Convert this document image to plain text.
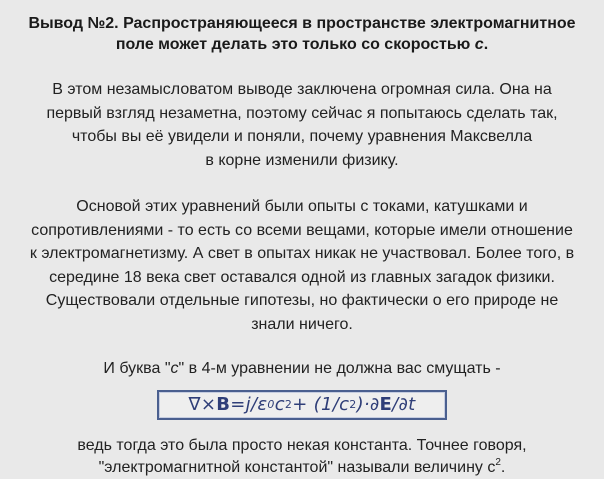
Вывод №2. Распространяющееся в пространстве электромагнитное
поле может делать это только со скоростью c.
В этом незамысловатом выводе заключена огромная сила. Она на
первый взгляд незаметна, поэтому сейчас я попытаюсь сделать так,
чтобы вы её увидели и поняли, почему уравнения Максвелла
в корне изменили физику.
Основой этих уравнений были опыты с токами, катушками и
сопротивлениями - то есть со всеми вещами, которые имели отношение
к электромагнетизму. А свет в опытах никак не участвовал. Более того, в
середине 18 века свет оставался одной из главных загадок физики.
Существовали отдельные гипотезы, но фактически о его природе не
знали ничего.
И буква "c" в 4-м уравнении не должна вас смущать -
∇× B = j / ε 0 c 2 + (1/ c 2 )·∂ E /∂t
ведь тогда это была просто некая константа. Точнее говоря,
"электромагнитной константой" называли величину $с^2$.
